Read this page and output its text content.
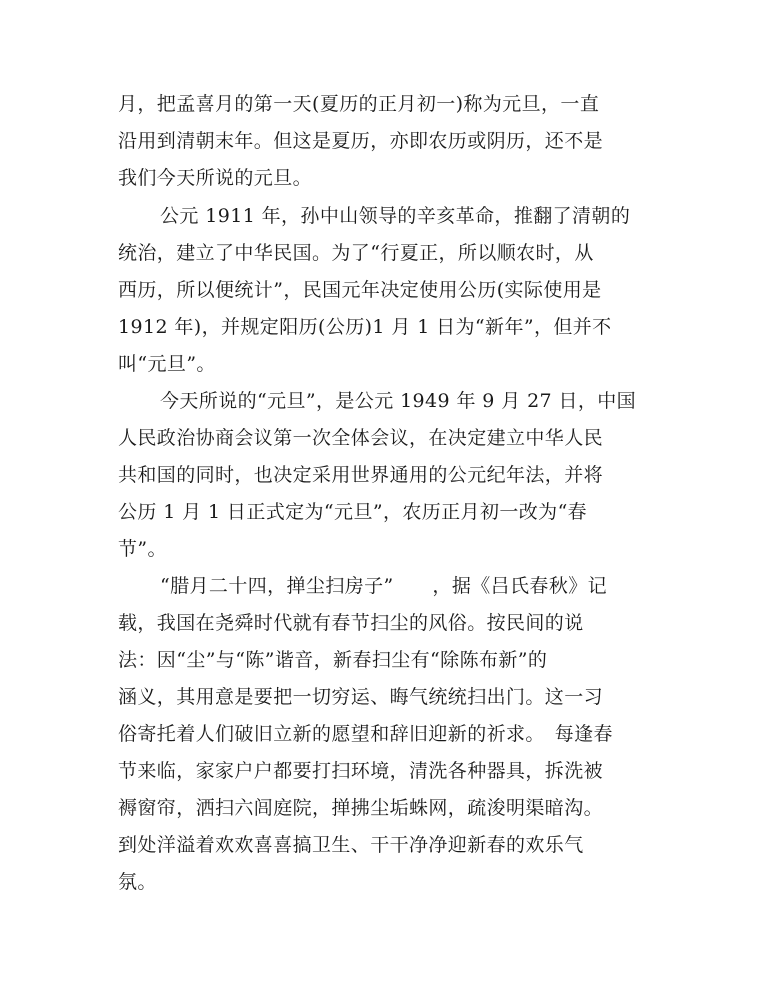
月，把孟喜月的第一天(夏历的正月初一)称为元旦，一直
沿用到清朝末年。但这是夏历，亦即农历或阴历，还不是
我们今天所说的元旦。
公元 1911 年，孙中山领导的辛亥革命，推翻了清朝的
统治，建立了中华民国。为了“行夏正，所以顺农时，从
西历，所以便统计”，民国元年决定使用公历(实际使用是
1912 年)，并规定阳历(公历)1 月 1 日为“新年”，但并不
叫“元旦”。
今天所说的“元旦”，是公元 1949 年 9 月 27 日，中国
人民政治协商会议第一次全体会议，在决定建立中华人民
共和国的同时，也决定采用世界通用的公元纪年法，并将
公历 1 月 1 日正式定为“元旦”，农历正月初一改为“春
节”。
“腊月二十四，掸尘扫房子”　　，据《吕氏春秋》记
载，我国在尧舜时代就有春节扫尘的风俗。按民间的说
法：因“尘”与“陈”谐音，新春扫尘有“除陈布新”的
涵义，其用意是要把一切穷运、晦气统统扫出门。这一习
俗寄托着人们破旧立新的愿望和辞旧迎新的祈求。　每逢春
节来临，家家户户都要打扫环境，清洗各种器具，拆洗被
褥窗帘，洒扫六闾庭院，掸拂尘垢蛛网，疏浚明渠暗沟。
到处洋溢着欢欢喜喜搞卫生、干干净净迎新春的欢乐气
氛。
